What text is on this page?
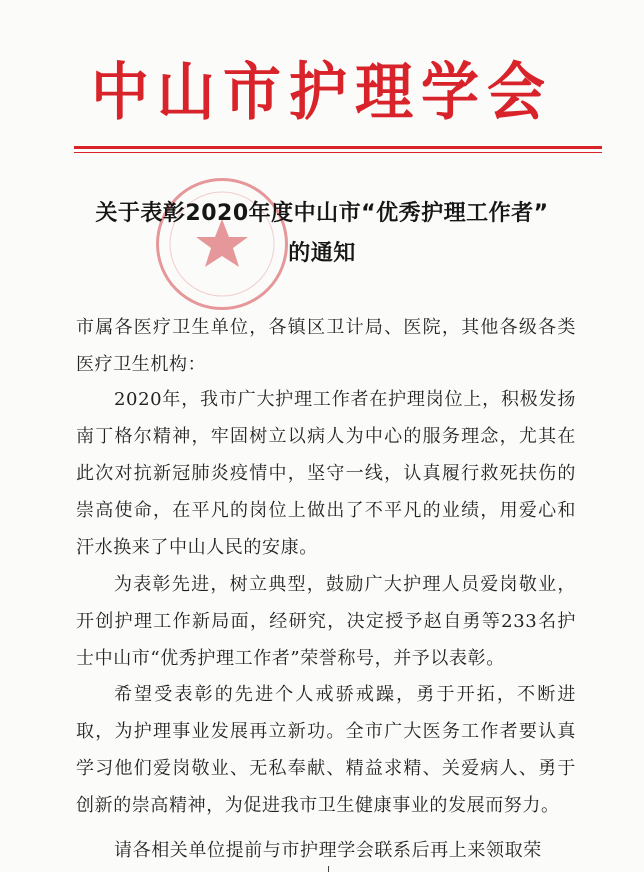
中山市护理学会
关于表彰2020年度中山市“优秀护理工作者”
的通知
市属各医疗卫生单位，各镇区卫计局、医院，其他各级各类医疗卫生机构：
2020年，我市广大护理工作者在护理岗位上，积极发扬南丁格尔精神，牢固树立以病人为中心的服务理念，尤其在此次对抗新冠肺炎疫情中，坚守一线，认真履行救死扶伤的崇高使命，在平凡的岗位上做出了不平凡的业绩，用爱心和汗水换来了中山人民的安康。
为表彰先进，树立典型，鼓励广大护理人员爱岗敬业，开创护理工作新局面，经研究，决定授予赵自勇等233名护士中山市“优秀护理工作者”荣誉称号，并予以表彰。
希望受表彰的先进个人戒骄戒躁，勇于开拓，不断进取，为护理事业发展再立新功。全市广大医务工作者要认真学习他们爱岗敬业、无私奉献、精益求精、关爱病人、勇于创新的崇高精神，为促进我市卫生健康事业的发展而努力。
请各相关单位提前与市护理学会联系后再上来领取荣
